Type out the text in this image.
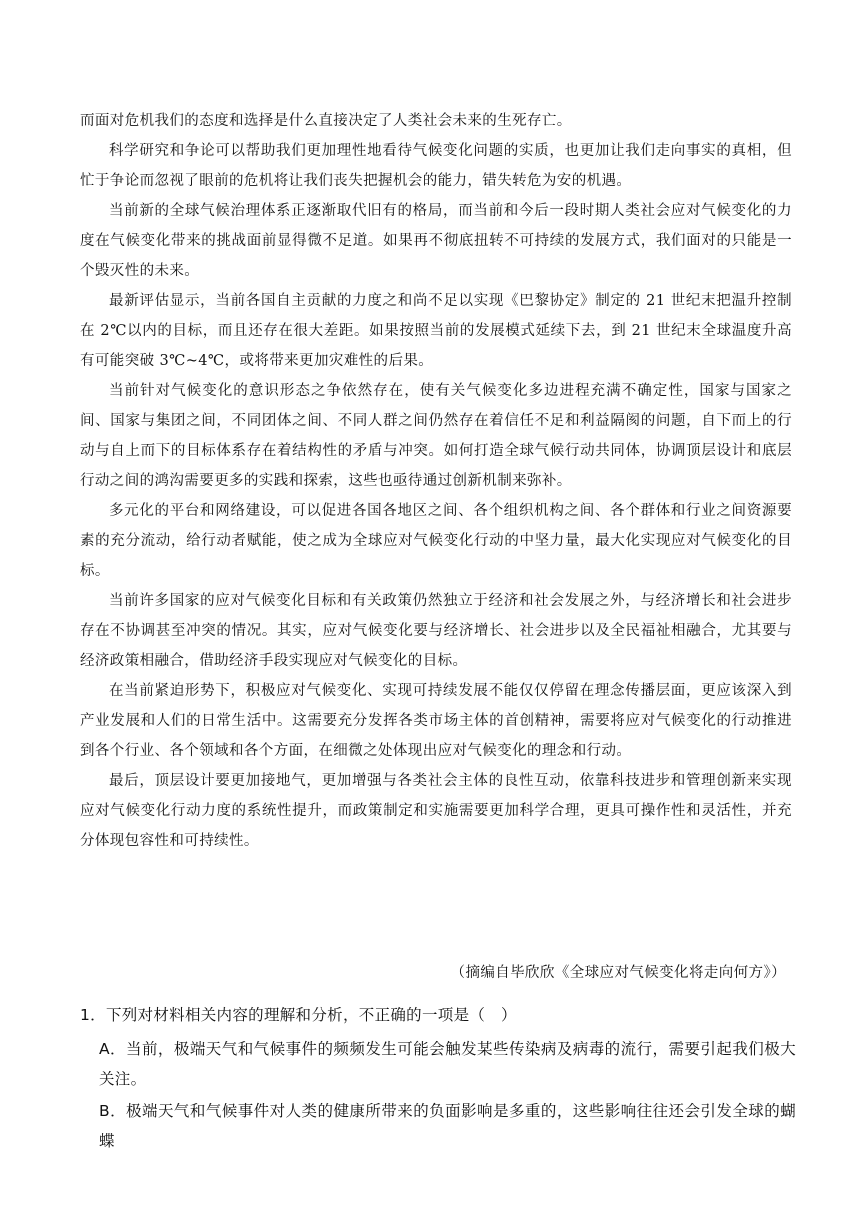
而面对危机我们的态度和选择是什么直接决定了人类社会未来的生死存亡。

科学研究和争论可以帮助我们更加理性地看待气候变化问题的实质，也更加让我们走向事实的真相，但忙于争论而忽视了眼前的危机将让我们丧失把握机会的能力，错失转危为安的机遇。

当前新的全球气候治理体系正逐渐取代旧有的格局，而当前和今后一段时期人类社会应对气候变化的力度在气候变化带来的挑战面前显得微不足道。如果再不彻底扭转不可持续的发展方式，我们面对的只能是一个毁灭性的未来。

最新评估显示，当前各国自主贡献的力度之和尚不足以实现《巴黎协定》制定的 21 世纪末把温升控制在 2℃以内的目标，而且还存在很大差距。如果按照当前的发展模式延续下去，到 21 世纪末全球温度升高有可能突破 3℃~4℃，或将带来更加灾难性的后果。

当前针对气候变化的意识形态之争依然存在，使有关气候变化多边进程充满不确定性，国家与国家之间、国家与集团之间，不同团体之间、不同人群之间仍然存在着信任不足和利益隔阂的问题，自下而上的行动与自上而下的目标体系存在着结构性的矛盾与冲突。如何打造全球气候行动共同体，协调顶层设计和底层行动之间的鸿沟需要更多的实践和探索，这些也亟待通过创新机制来弥补。

多元化的平台和网络建设，可以促进各国各地区之间、各个组织机构之间、各个群体和行业之间资源要素的充分流动，给行动者赋能，使之成为全球应对气候变化行动的中坚力量，最大化实现应对气候变化的目标。

当前许多国家的应对气候变化目标和有关政策仍然独立于经济和社会发展之外，与经济增长和社会进步存在不协调甚至冲突的情况。其实，应对气候变化要与经济增长、社会进步以及全民福祉相融合，尤其要与经济政策相融合，借助经济手段实现应对气候变化的目标。

在当前紧迫形势下，积极应对气候变化、实现可持续发展不能仅仅停留在理念传播层面，更应该深入到产业发展和人们的日常生活中。这需要充分发挥各类市场主体的首创精神，需要将应对气候变化的行动推进到各个行业、各个领域和各个方面，在细微之处体现出应对气候变化的理念和行动。

最后，顶层设计要更加接地气，更加增强与各类社会主体的良性互动，依靠科技进步和管理创新来实现应对气候变化行动力度的系统性提升，而政策制定和实施需要更加科学合理，更具可操作性和灵活性，并充分体现包容性和可持续性。

（摘编自毕欣欣《全球应对气候变化将走向何方》）

1．下列对材料相关内容的理解和分析，不正确的一项是（　）

A．当前，极端天气和气候事件的频频发生可能会触发某些传染病及病毒的流行，需要引起我们极大关注。

B．极端天气和气候事件对人类的健康所带来的负面影响是多重的，这些影响往往还会引发全球的蝴蝶
